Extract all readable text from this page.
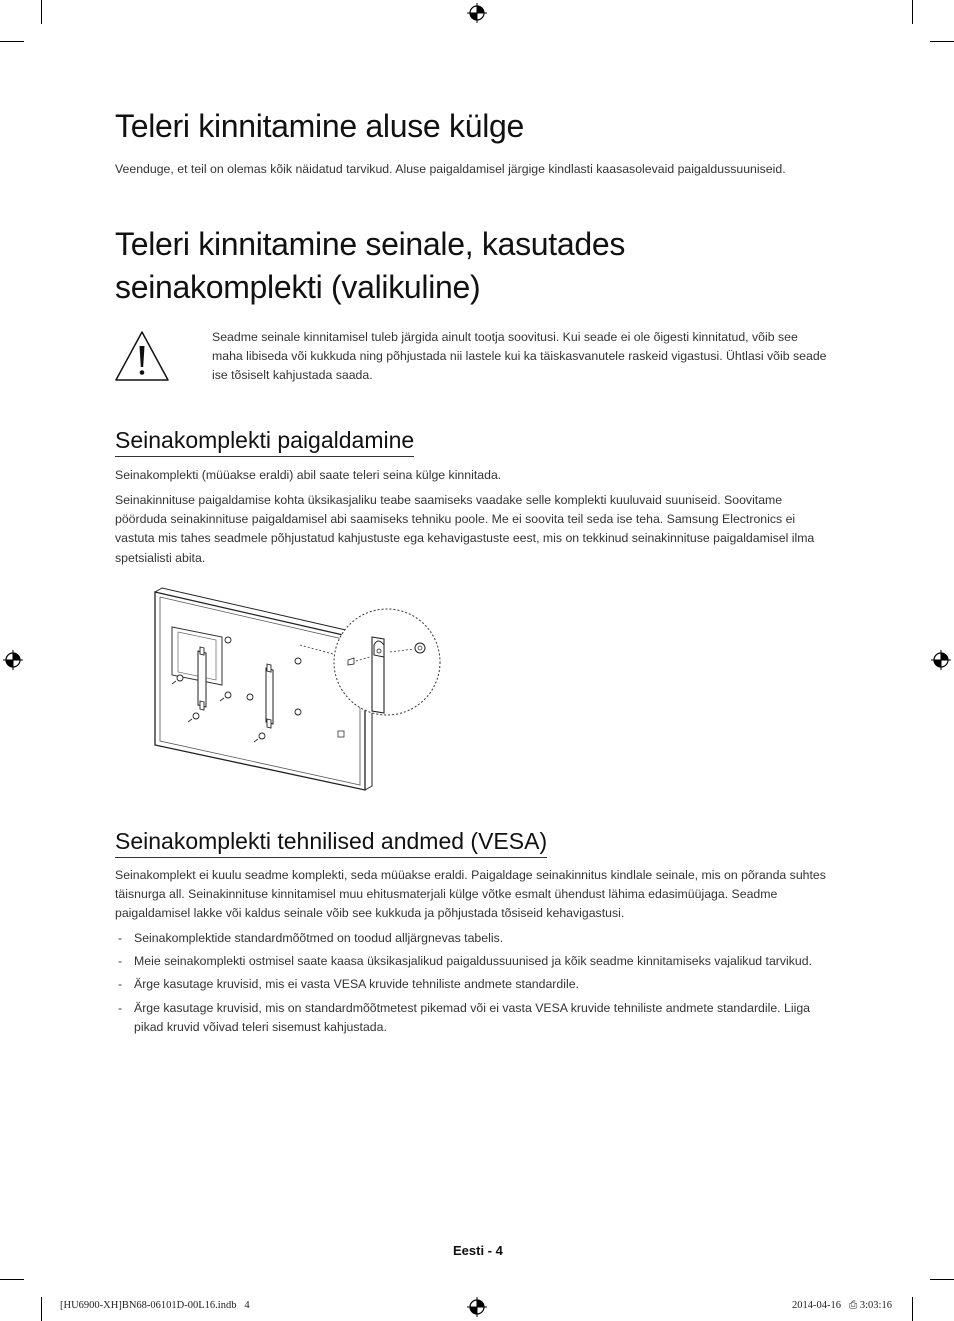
Teleri kinnitamine aluse külge

Veenduge, et teil on olemas kõik näidatud tarvikud. Aluse paigaldamisel järgige kindlasti kaasasolevaid paigaldussuuniseid.

Teleri kinnitamine seinale, kasutades
seinakomplekti (valikuline)

Seadme seinale kinnitamisel tuleb järgida ainult tootja soovitusi. Kui seade ei ole õigesti kinnitatud, võib see maha libiseda või kukkuda ning põhjustada nii lastele kui ka täiskasvanutele raskeid vigastusi. Ühtlasi võib seade ise tõsiselt kahjustada saada.

Seinakomplekti paigaldamine

Seinakomplekti (müüakse eraldi) abil saate teleri seina külge kinnitada.

Seinakinnituse paigaldamise kohta üksikasjaliku teabe saamiseks vaadake selle komplekti kuuluvaid suuniseid. Soovitame pöörduda seinakinnituse paigaldamisel abi saamiseks tehniku poole. Me ei soovita teil seda ise teha. Samsung Electronics ei vastuta mis tahes seadmele põhjustatud kahjustuste ega kehavigastuste eest, mis on tekkinud seinakinnituse paigaldamisel ilma spetsialisti abita.

Seinakomplekti tehnilised andmed (VESA)

Seinakomplekt ei kuulu seadme komplekti, seda müüakse eraldi. Paigaldage seinakinnitus kindlale seinale, mis on põranda suhtes täisnurga all. Seinakinnituse kinnitamisel muu ehitusmaterjali külge võtke esmalt ühendust lähima edasimüüjaga. Seadme paigaldamisel lakke või kaldus seinale võib see kukkuda ja põhjustada tõsiseid kehavigastusi.

- Seinakomplektide standardmõõtmed on toodud alljärgnevas tabelis.
- Meie seinakomplekti ostmisel saate kaasa üksikasjalikud paigaldussuunised ja kõik seadme kinnitamiseks vajalikud tarvikud.
- Ärge kasutage kruvisid, mis ei vasta VESA kruvide tehniliste andmete standardile.
- Ärge kasutage kruvisid, mis on standardmõõtmetest pikemad või ei vasta VESA kruvide tehniliste andmete standardile. Liiga pikad kruvid võivad teleri sisemust kahjustada.
Eesti - 4
[HU6900-XH]BN68-06101D-00L16.indb   4	2014-04-16   ⎙ 3:03:16
